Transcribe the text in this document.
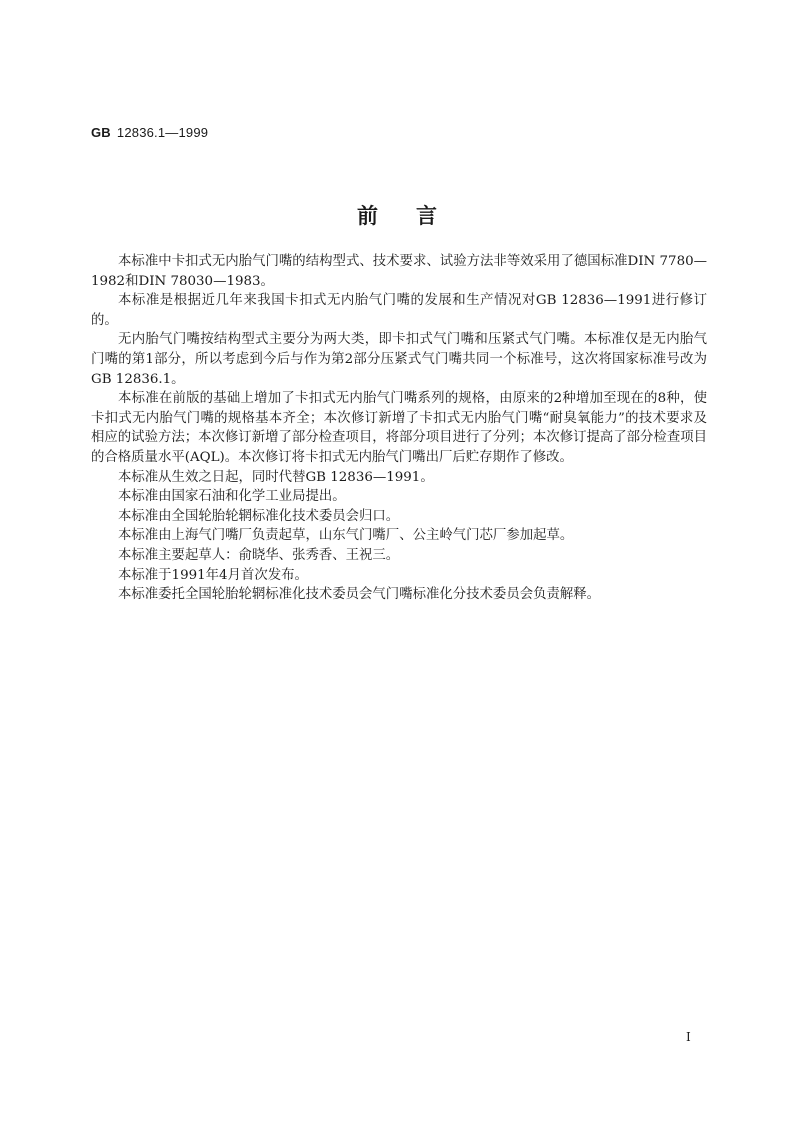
GB 12836.1—1999
前言

本标准中卡扣式无内胎气门嘴的结构型式、技术要求、试验方法非等效采用了德国标准DIN 7780—1982和DIN 78030—1983。

本标准是根据近几年来我国卡扣式无内胎气门嘴的发展和生产情况对GB 12836—1991进行修订的。

无内胎气门嘴按结构型式主要分为两大类，即卡扣式气门嘴和压紧式气门嘴。本标准仅是无内胎气门嘴的第1部分，所以考虑到今后与作为第2部分压紧式气门嘴共同一个标准号，这次将国家标准号改为GB 12836.1。

本标准在前版的基础上增加了卡扣式无内胎气门嘴系列的规格，由原来的2种增加至现在的8种，使卡扣式无内胎气门嘴的规格基本齐全；本次修订新增了卡扣式无内胎气门嘴“耐臭氧能力”的技术要求及相应的试验方法；本次修订新增了部分检查项目，将部分项目进行了分列；本次修订提高了部分检查项目的合格质量水平(AQL)。本次修订将卡扣式无内胎气门嘴出厂后贮存期作了修改。

本标准从生效之日起，同时代替GB 12836—1991。

本标准由国家石油和化学工业局提出。

本标准由全国轮胎轮辋标准化技术委员会归口。

本标准由上海气门嘴厂负责起草，山东气门嘴厂、公主岭气门芯厂参加起草。

本标准主要起草人：俞晓华、张秀香、王祝三。

本标准于1991年4月首次发布。

本标准委托全国轮胎轮辋标准化技术委员会气门嘴标准化分技术委员会负责解释。

I
